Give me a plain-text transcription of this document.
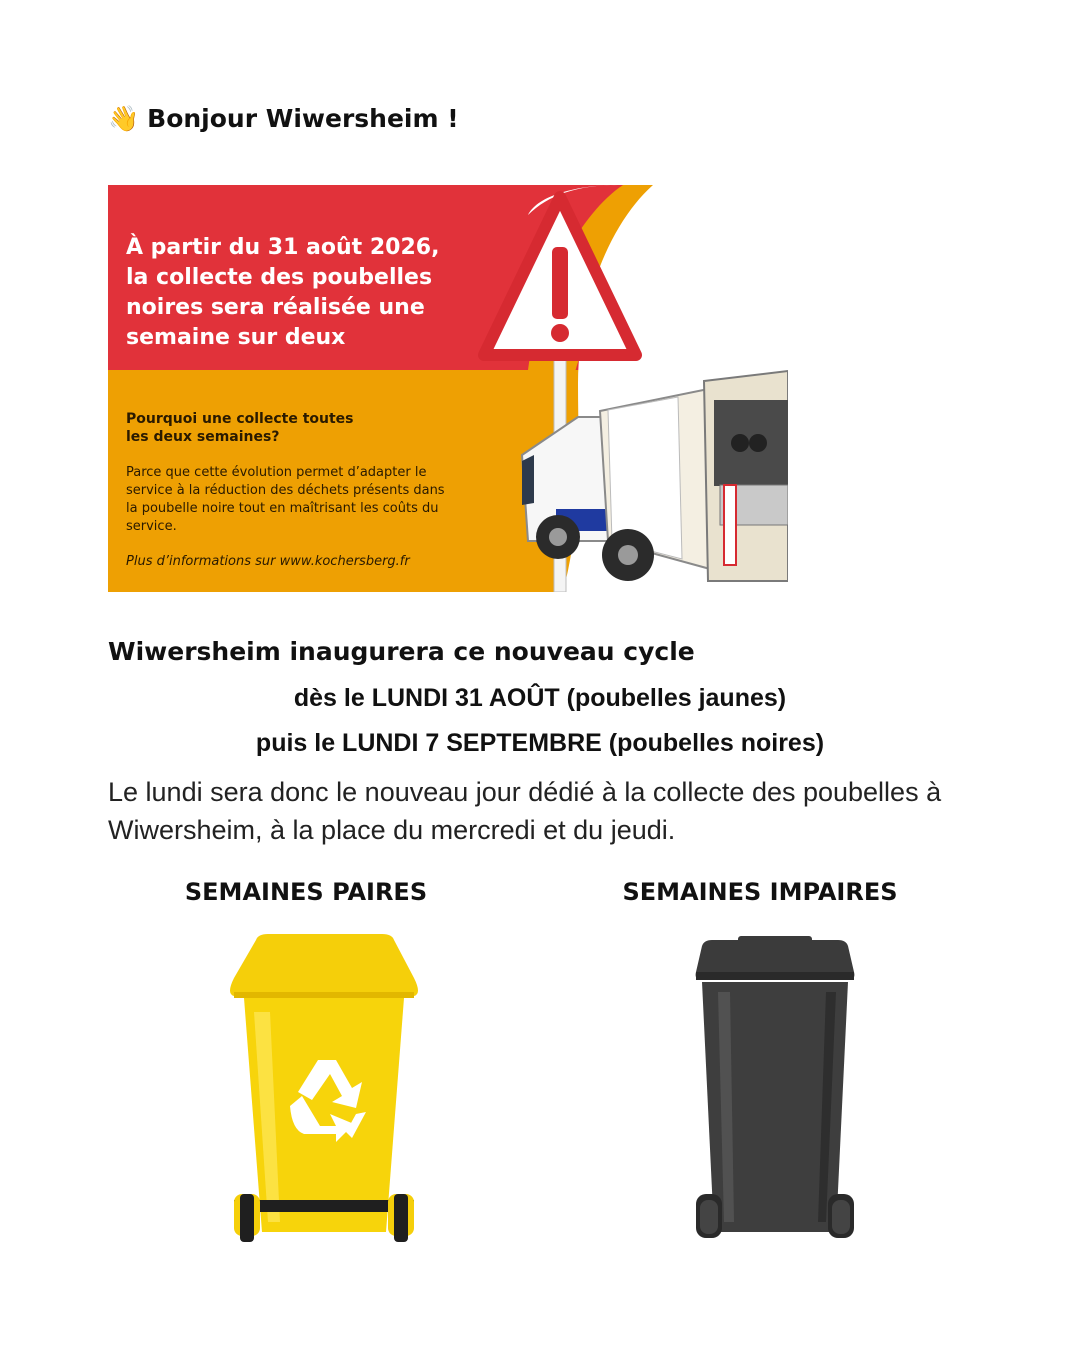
👋 Bonjour Wiwersheim !
À partir du 31 août 2026,
la collecte des poubelles
noires sera réalisée une
semaine sur deux
Pourquoi une collecte toutes
les deux semaines?
Parce que cette évolution permet d’adapter le
service à la réduction des déchets présents dans
la poubelle noire tout en maîtrisant les coûts du
service.
Plus d’informations sur www.kochersberg.fr
Wiwersheim inaugurera ce nouveau cycle
dès le LUNDI 31 AOÛT (poubelles jaunes)
puis le LUNDI 7 SEPTEMBRE (poubelles noires)
Le lundi sera donc le nouveau jour dédié à la collecte des poubelles à Wiwersheim, à la place du mercredi et du jeudi.
SEMAINES PAIRES	SEMAINES IMPAIRES
